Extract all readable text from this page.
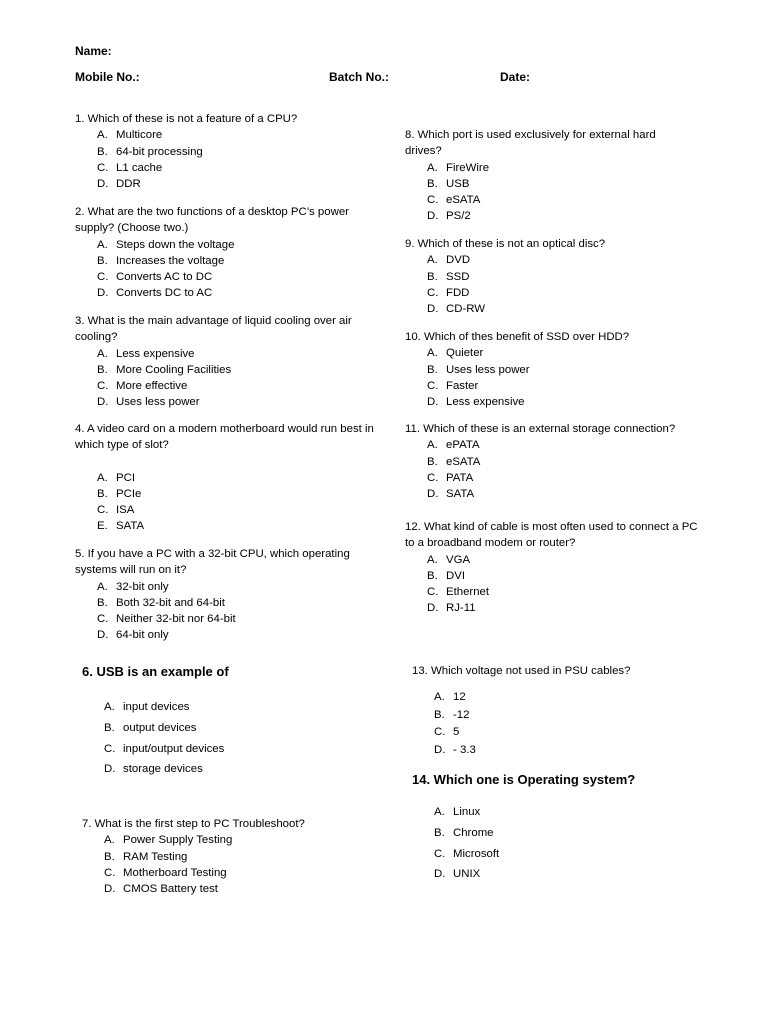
Name:
Mobile No.:	Batch No.:	Date:
1. Which of these is not a feature of a CPU?
A. Multicore
B. 64-bit processing
C. L1 cache
D. DDR
2. What are the two functions of a desktop PC’s power supply? (Choose two.)
A. Steps down the voltage
B. Increases the voltage
C. Converts AC to DC
D. Converts DC to AC
3. What is the main advantage of liquid cooling over air cooling?
A. Less expensive
B. More Cooling Facilities
C. More effective
D. Uses less power
4. A video card on a modern motherboard would run best in which type of slot?
A. PCI
B. PCIe
C. ISA
E. SATA
5. If you have a PC with a 32-bit CPU, which operating systems will run on it?
A. 32-bit only
B. Both 32-bit and 64-bit
C. Neither 32-bit nor 64-bit
D. 64-bit only
6. USB is an example of
A. input devices
B. output devices
C. input/output devices
D. storage devices
7. What is the first step to PC Troubleshoot?
A. Power Supply Testing
B. RAM Testing
C. Motherboard Testing
D. CMOS Battery test
8. Which port is used exclusively for external hard drives?
A. FireWire
B. USB
C. eSATA
D. PS/2
9. Which of these is not an optical disc?
A. DVD
B. SSD
C. FDD
D. CD-RW
10. Which of thes benefit of SSD over HDD?
A. Quieter
B. Uses less power
C. Faster
D. Less expensive
11. Which of these is an external storage connection?
A. ePATA
B. eSATA
C. PATA
D. SATA
12. What kind of cable is most often used to connect a PC to a broadband modem or router?
A. VGA
B. DVI
C. Ethernet
D. RJ-11
13. Which voltage not used in PSU cables?
A. 12
B. -12
C. 5
D. - 3.3
14. Which one is Operating system?
A. Linux
B. Chrome
C. Microsoft
D. UNIX
